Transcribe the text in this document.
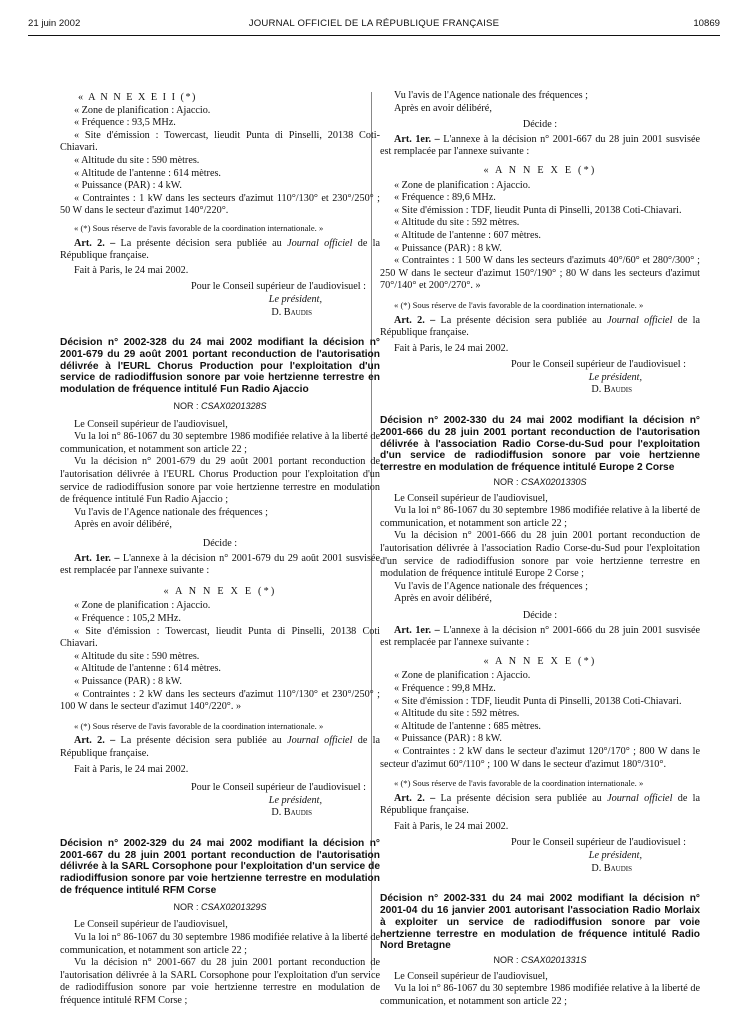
21 juin 2002	JOURNAL OFFICIEL DE LA RÉPUBLIQUE FRANÇAISE	10869

« A N N E X E I I (*)

« Zone de planification : Ajaccio.

« Fréquence : 93,5 MHz.

« Site d'émission : Towercast, lieudit Punta di Pinselli, 20138 Coti-Chiavari.

« Altitude du site : 590 mètres.

« Altitude de l'antenne : 614 mètres.

« Puissance (PAR) : 4 kW.

« Contraintes : 1 kW dans les secteurs d'azimut 110°/130° et 230°/250° ; 50 W dans le secteur d'azimut 140°/220°.

« (*) Sous réserve de l'avis favorable de la coordination internationale. »

Art. 2. – La présente décision sera publiée au Journal officiel de la République française.

Fait à Paris, le 24 mai 2002.

Pour le Conseil supérieur de l'audiovisuel :

Le président,

D. Baudis

Décision n° 2002-328 du 24 mai 2002 modifiant la décision n° 2001-679 du 29 août 2001 portant reconduction de l'autorisation délivrée à l'EURL Chorus Production pour l'exploitation d'un service de radiodiffusion sonore par voie hertzienne terrestre en modulation de fréquence intitulé Fun Radio Ajaccio

NOR : CSAX0201328S

Le Conseil supérieur de l'audiovisuel,

Vu la loi n° 86-1067 du 30 septembre 1986 modifiée relative à la liberté de communication, et notamment son article 22 ;

Vu la décision n° 2001-679 du 29 août 2001 portant reconduction de l'autorisation délivrée à l'EURL Chorus Production pour l'exploitation d'un service de radiodiffusion sonore par voie hertzienne terrestre en modulation de fréquence intitulé Fun Radio Ajaccio ;

Vu l'avis de l'Agence nationale des fréquences ;

Après en avoir délibéré,

Décide :

Art. 1er. – L'annexe à la décision n° 2001-679 du 29 août 2001 susvisée est remplacée par l'annexe suivante :

« A N N E X E (*)

« Zone de planification : Ajaccio.

« Fréquence : 105,2 MHz.

« Site d'émission : Towercast, lieudit Punta di Pinselli, 20138 Coti Chiavari.

« Altitude du site : 590 mètres.

« Altitude de l'antenne : 614 mètres.

« Puissance (PAR) : 8 kW.

« Contraintes : 2 kW dans les secteurs d'azimut 110°/130° et 230°/250° ; 100 W dans le secteur d'azimut 140°/220°. »

« (*) Sous réserve de l'avis favorable de la coordination internationale. »

Art. 2. – La présente décision sera publiée au Journal officiel de la République française.

Fait à Paris, le 24 mai 2002.

Pour le Conseil supérieur de l'audiovisuel :

Le président,

D. Baudis

Décision n° 2002-329 du 24 mai 2002 modifiant la décision n° 2001-667 du 28 juin 2001 portant reconduction de l'autorisation délivrée à la SARL Corsophone pour l'exploitation d'un service de radiodiffusion sonore par voie hertzienne terrestre en modulation de fréquence intitulé RFM Corse

NOR : CSAX0201329S

Le Conseil supérieur de l'audiovisuel,

Vu la loi n° 86-1067 du 30 septembre 1986 modifiée relative à la liberté de communication, et notamment son article 22 ;

Vu la décision n° 2001-667 du 28 juin 2001 portant reconduction de l'autorisation délivrée à la SARL Corsophone pour l'exploitation d'un service de radiodiffusion sonore par voie hertzienne terrestre en modulation de fréquence intitulé RFM Corse ;

Vu l'avis de l'Agence nationale des fréquences ;

Après en avoir délibéré,

Décide :

Art. 1er. – L'annexe à la décision n° 2001-667 du 28 juin 2001 susvisée est remplacée par l'annexe suivante :

« A N N E X E (*)

« Zone de planification : Ajaccio.

« Fréquence : 89,6 MHz.

« Site d'émission : TDF, lieudit Punta di Pinselli, 20138 Coti-Chiavari.

« Altitude du site : 592 mètres.

« Altitude de l'antenne : 607 mètres.

« Puissance (PAR) : 8 kW.

« Contraintes : 1 500 W dans les secteurs d'azimuts 40°/60° et 280°/300° ; 250 W dans le secteur d'azimut 150°/190° ; 80 W dans les secteurs d'azimut 70°/140° et 200°/270°. »

« (*) Sous réserve de l'avis favorable de la coordination internationale. »

Art. 2. – La présente décision sera publiée au Journal officiel de la République française.

Fait à Paris, le 24 mai 2002.

Pour le Conseil supérieur de l'audiovisuel :

Le président,

D. Baudis

Décision n° 2002-330 du 24 mai 2002 modifiant la décision n° 2001-666 du 28 juin 2001 portant reconduction de l'autorisation délivrée à l'association Radio Corse-du-Sud pour l'exploitation d'un service de radiodiffusion sonore par voie hertzienne terrestre en modulation de fréquence intitulé Europe 2 Corse

NOR : CSAX0201330S

Le Conseil supérieur de l'audiovisuel,

Vu la loi n° 86-1067 du 30 septembre 1986 modifiée relative à la liberté de communication, et notamment son article 22 ;

Vu la décision n° 2001-666 du 28 juin 2001 portant reconduction de l'autorisation délivrée à l'association Radio Corse-du-Sud pour l'exploitation d'un service de radiodiffusion sonore par voie hertzienne terrestre en modulation de fréquence intitulé Europe 2 Corse ;

Vu l'avis de l'Agence nationale des fréquences ;

Après en avoir délibéré,

Décide :

Art. 1er. – L'annexe à la décision n° 2001-666 du 28 juin 2001 susvisée est remplacée par l'annexe suivante :

« A N N E X E (*)

« Zone de planification : Ajaccio.

« Fréquence : 99,8 MHz.

« Site d'émission : TDF, lieudit Punta di Pinselli, 20138 Coti-Chiavari.

« Altitude du site : 592 mètres.

« Altitude de l'antenne : 685 mètres.

« Puissance (PAR) : 8 kW.

« Contraintes : 2 kW dans le secteur d'azimut 120°/170° ; 800 W dans le secteur d'azimut 60°/110° ; 100 W dans le secteur d'azimut 180°/310°.

« (*) Sous réserve de l'avis favorable de la coordination internationale. »

Art. 2. – La présente décision sera publiée au Journal officiel de la République française.

Fait à Paris, le 24 mai 2002.

Pour le Conseil supérieur de l'audiovisuel :

Le président,

D. Baudis

Décision n° 2002-331 du 24 mai 2002 modifiant la décision n° 2001-04 du 16 janvier 2001 autorisant l'association Radio Morlaix à exploiter un service de radiodiffusion sonore par voie hertzienne terrestre en modulation de fréquence intitulé Radio Nord Bretagne

NOR : CSAX0201331S

Le Conseil supérieur de l'audiovisuel,

Vu la loi n° 86-1067 du 30 septembre 1986 modifiée relative à la liberté de communication, et notamment son article 22 ;
